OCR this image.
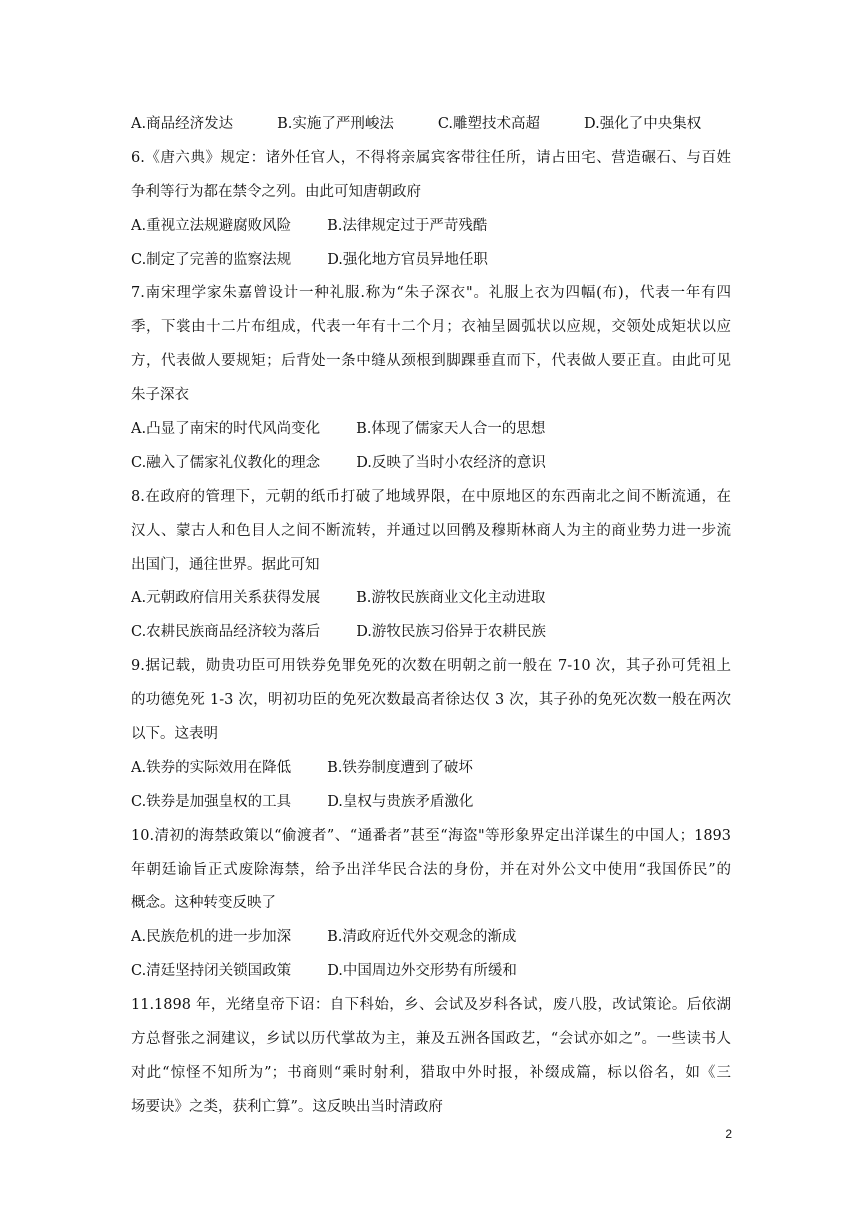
A.商品经济发达	B.实施了严刑峻法	C.雕塑技术高超	D.强化了中央集权
6.《唐六典》规定：诸外任官人，不得将亲属宾客带往任所，请占田宅、营造碾石、与百姓
争利等行为都在禁令之列。由此可知唐朝政府
A.重视立法规避腐败风险 B.法律规定过于严苛残酷
C.制定了完善的监察法规 D.强化地方官员异地任职
7.南宋理学家朱嘉曾设计一种礼服.称为“朱子深衣"。礼服上衣为四幅(布)，代表一年有四
季，下裳由十二片布组成，代表一年有十二个月；衣袖呈圆弧状以应规，交领处成矩状以应
方，代表做人要规矩；后背处一条中缝从颈根到脚踝垂直而下，代表做人要正直。由此可见
朱子深衣
A.凸显了南宋的时代风尚变化 B.体现了儒家天人合一的思想
C.融入了儒家礼仪教化的理念 D.反映了当时小农经济的意识
8.在政府的管理下，元朝的纸币打破了地域界限，在中原地区的东西南北之间不断流通，在
汉人、蒙古人和色目人之间不断流转，并通过以回鹘及穆斯林商人为主的商业势力进一步流
出国门，通往世界。据此可知
A.元朝政府信用关系获得发展 B.游牧民族商业文化主动进取
C.农耕民族商品经济较为落后 D.游牧民族习俗异于农耕民族
9.据记载，勋贵功臣可用铁券免罪免死的次数在明朝之前一般在 7-10 次，其子孙可凭祖上
的功德免死 1-3 次，明初功臣的免死次数最高者徐达仅 3 次，其子孙的免死次数一般在两次
以下。这表明
A.铁券的实际效用在降低 B.铁券制度遭到了破坏
C.铁券是加强皇权的工具 D.皇权与贵族矛盾激化
10.清初的海禁政策以“偷渡者”、“通番者”甚至“海盗"等形象界定出洋谋生的中国人；1893
年朝廷谕旨正式废除海禁，给予出洋华民合法的身份，并在对外公文中使用“我国侨民”的
概念。这种转变反映了
A.民族危机的进一步加深 B.清政府近代外交观念的渐成
C.清廷坚持闭关锁国政策 D.中国周边外交形势有所缓和
11.1898 年，光绪皇帝下诏：自下科始，乡、会试及岁科各试，废八股，改试策论。后依湖
方总督张之洞建议，乡试以历代掌故为主，兼及五洲各国政艺，“会试亦如之”。一些读书人
对此“惊怪不知所为”；书商则“乘时射利，猎取中外时报，补缀成篇，标以俗名，如《三
场要诀》之类，获利亡算”。这反映出当时清政府
2
